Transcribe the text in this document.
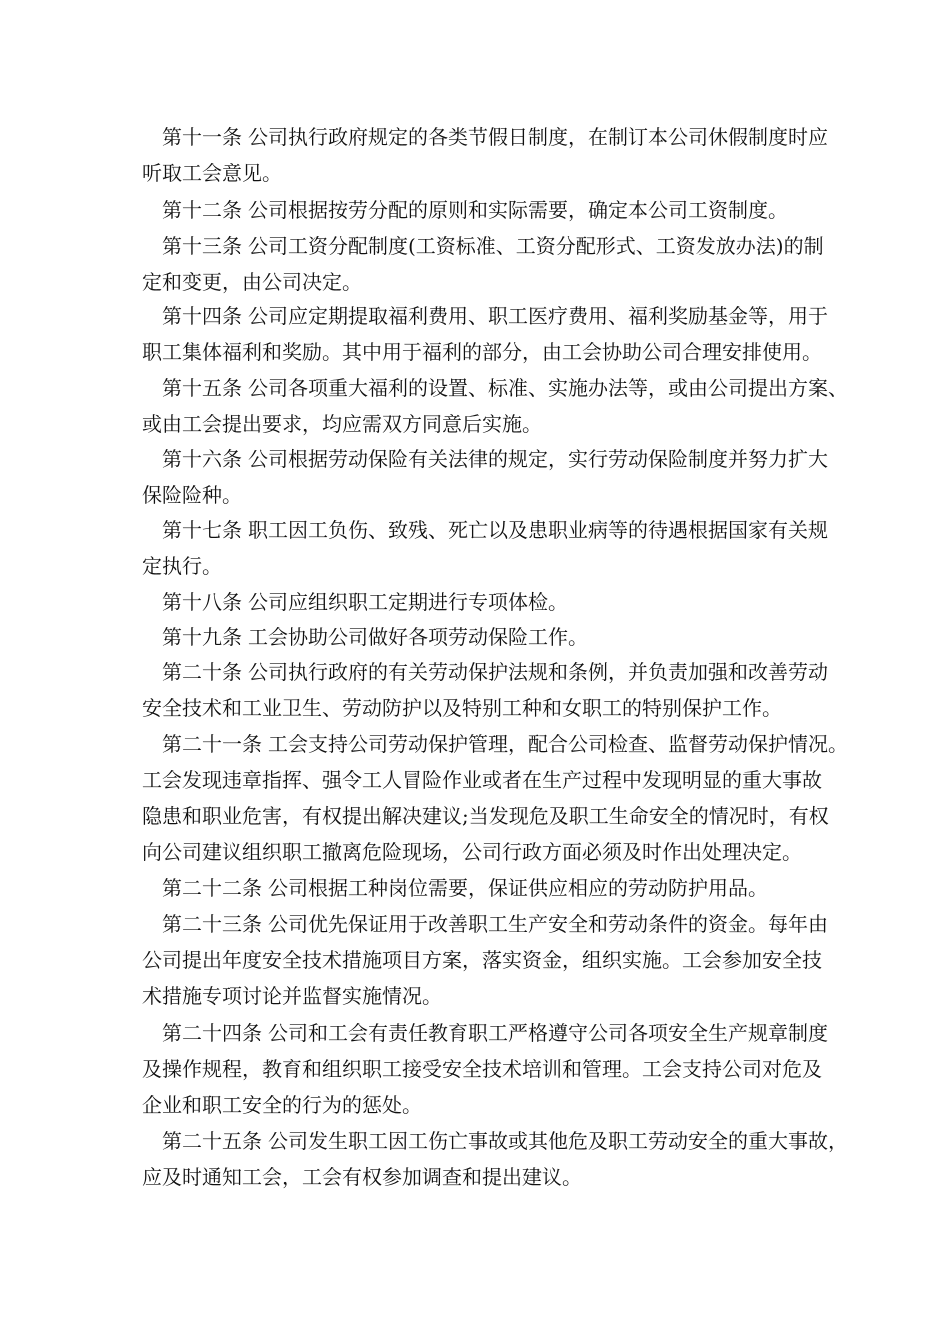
第十一条 公司执行政府规定的各类节假日制度，在制订本公司休假制度时应
听取工会意见。
第十二条 公司根据按劳分配的原则和实际需要，确定本公司工资制度。
第十三条 公司工资分配制度(工资标准、工资分配形式、工资发放办法)的制
定和变更，由公司决定。
第十四条 公司应定期提取福利费用、职工医疗费用、福利奖励基金等，用于
职工集体福利和奖励。其中用于福利的部分，由工会协助公司合理安排使用。
第十五条 公司各项重大福利的设置、标准、实施办法等，或由公司提出方案、
或由工会提出要求，均应需双方同意后实施。
第十六条 公司根据劳动保险有关法律的规定，实行劳动保险制度并努力扩大
保险险种。
第十七条 职工因工负伤、致残、死亡以及患职业病等的待遇根据国家有关规
定执行。
第十八条 公司应组织职工定期进行专项体检。
第十九条 工会协助公司做好各项劳动保险工作。
第二十条 公司执行政府的有关劳动保护法规和条例，并负责加强和改善劳动
安全技术和工业卫生、劳动防护以及特别工种和女职工的特别保护工作。
第二十一条 工会支持公司劳动保护管理，配合公司检查、监督劳动保护情况。
工会发现违章指挥、强令工人冒险作业或者在生产过程中发现明显的重大事故
隐患和职业危害，有权提出解决建议;当发现危及职工生命安全的情况时，有权
向公司建议组织职工撤离危险现场，公司行政方面必须及时作出处理决定。
第二十二条 公司根据工种岗位需要，保证供应相应的劳动防护用品。
第二十三条 公司优先保证用于改善职工生产安全和劳动条件的资金。每年由
公司提出年度安全技术措施项目方案，落实资金，组织实施。工会参加安全技
术措施专项讨论并监督实施情况。
第二十四条 公司和工会有责任教育职工严格遵守公司各项安全生产规章制度
及操作规程，教育和组织职工接受安全技术培训和管理。工会支持公司对危及
企业和职工安全的行为的惩处。
第二十五条 公司发生职工因工伤亡事故或其他危及职工劳动安全的重大事故，
应及时通知工会，工会有权参加调查和提出建议。
